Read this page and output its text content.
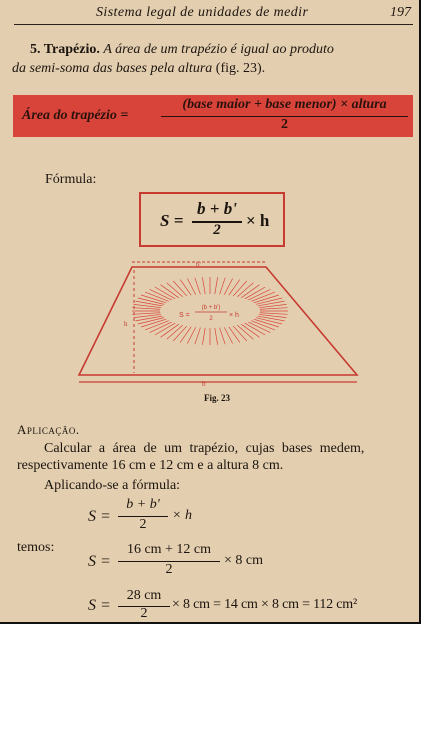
Sistema legal de unidades de medir	197
5. Trapézio. A área de um trapézio é igual ao produto
da semi-soma das bases pela altura (fig. 23).
Área do trapézio =
(base maior + base menor) × altura
2
Fórmula:
S =
b + b'
2	× h
b'
b
h
S =
(b + b')
2 × h
Fig. 23
Aplicação.
Calcular a área de um trapézio, cujas bases medem,
respectivamente 16 cm e 12 cm e a altura 8 cm.
Aplicando-se a fórmula:
temos:
S =
b + b'
2
× h
S =
16 cm + 12 cm
2
× 8 cm
S =
28 cm
2
× 8 cm = 14 cm × 8 cm = 112 cm²
